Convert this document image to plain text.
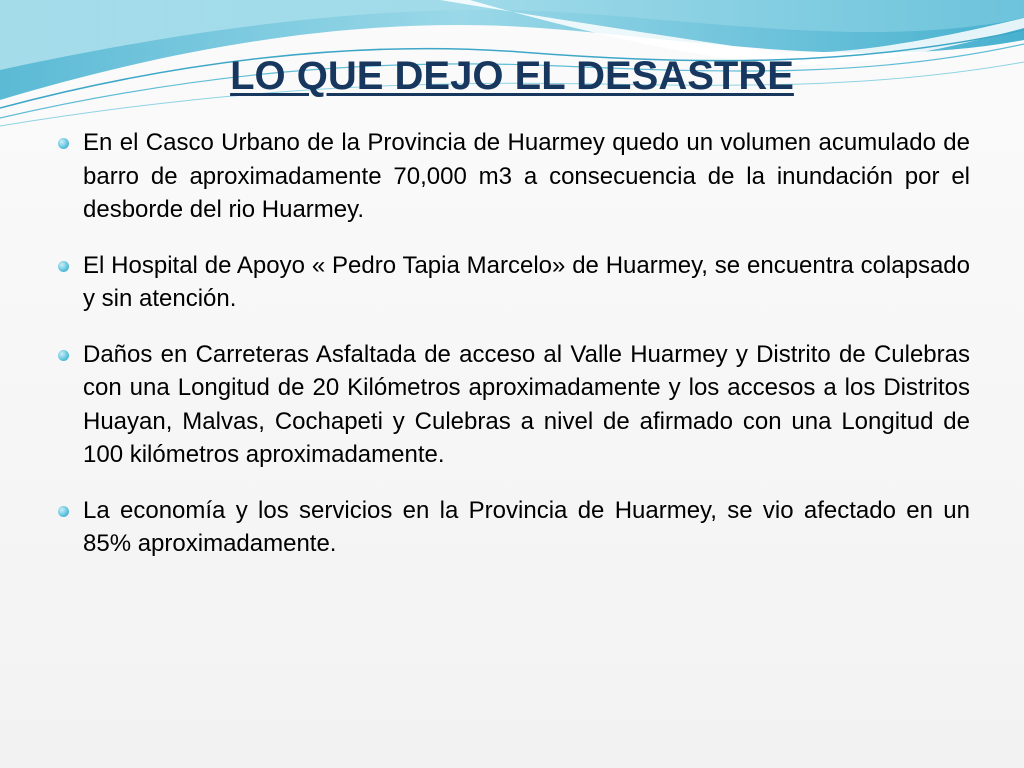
LO QUE DEJO EL DESASTRE
En el Casco Urbano de la Provincia de Huarmey quedo un volumen acumulado de barro de aproximadamente 70,000 m3 a consecuencia de la inundación por el desborde del rio Huarmey.
El Hospital de Apoyo « Pedro Tapia Marcelo» de Huarmey, se encuentra colapsado y sin atención.
Daños en Carreteras Asfaltada de acceso al Valle Huarmey y Distrito de Culebras con una Longitud de 20 Kilómetros aproximadamente y los accesos a los Distritos Huayan, Malvas, Cochapeti y Culebras a nivel de afirmado con una Longitud de 100 kilómetros aproximadamente.
La economía y los servicios en la Provincia de Huarmey, se vio afectado en un 85% aproximadamente.
